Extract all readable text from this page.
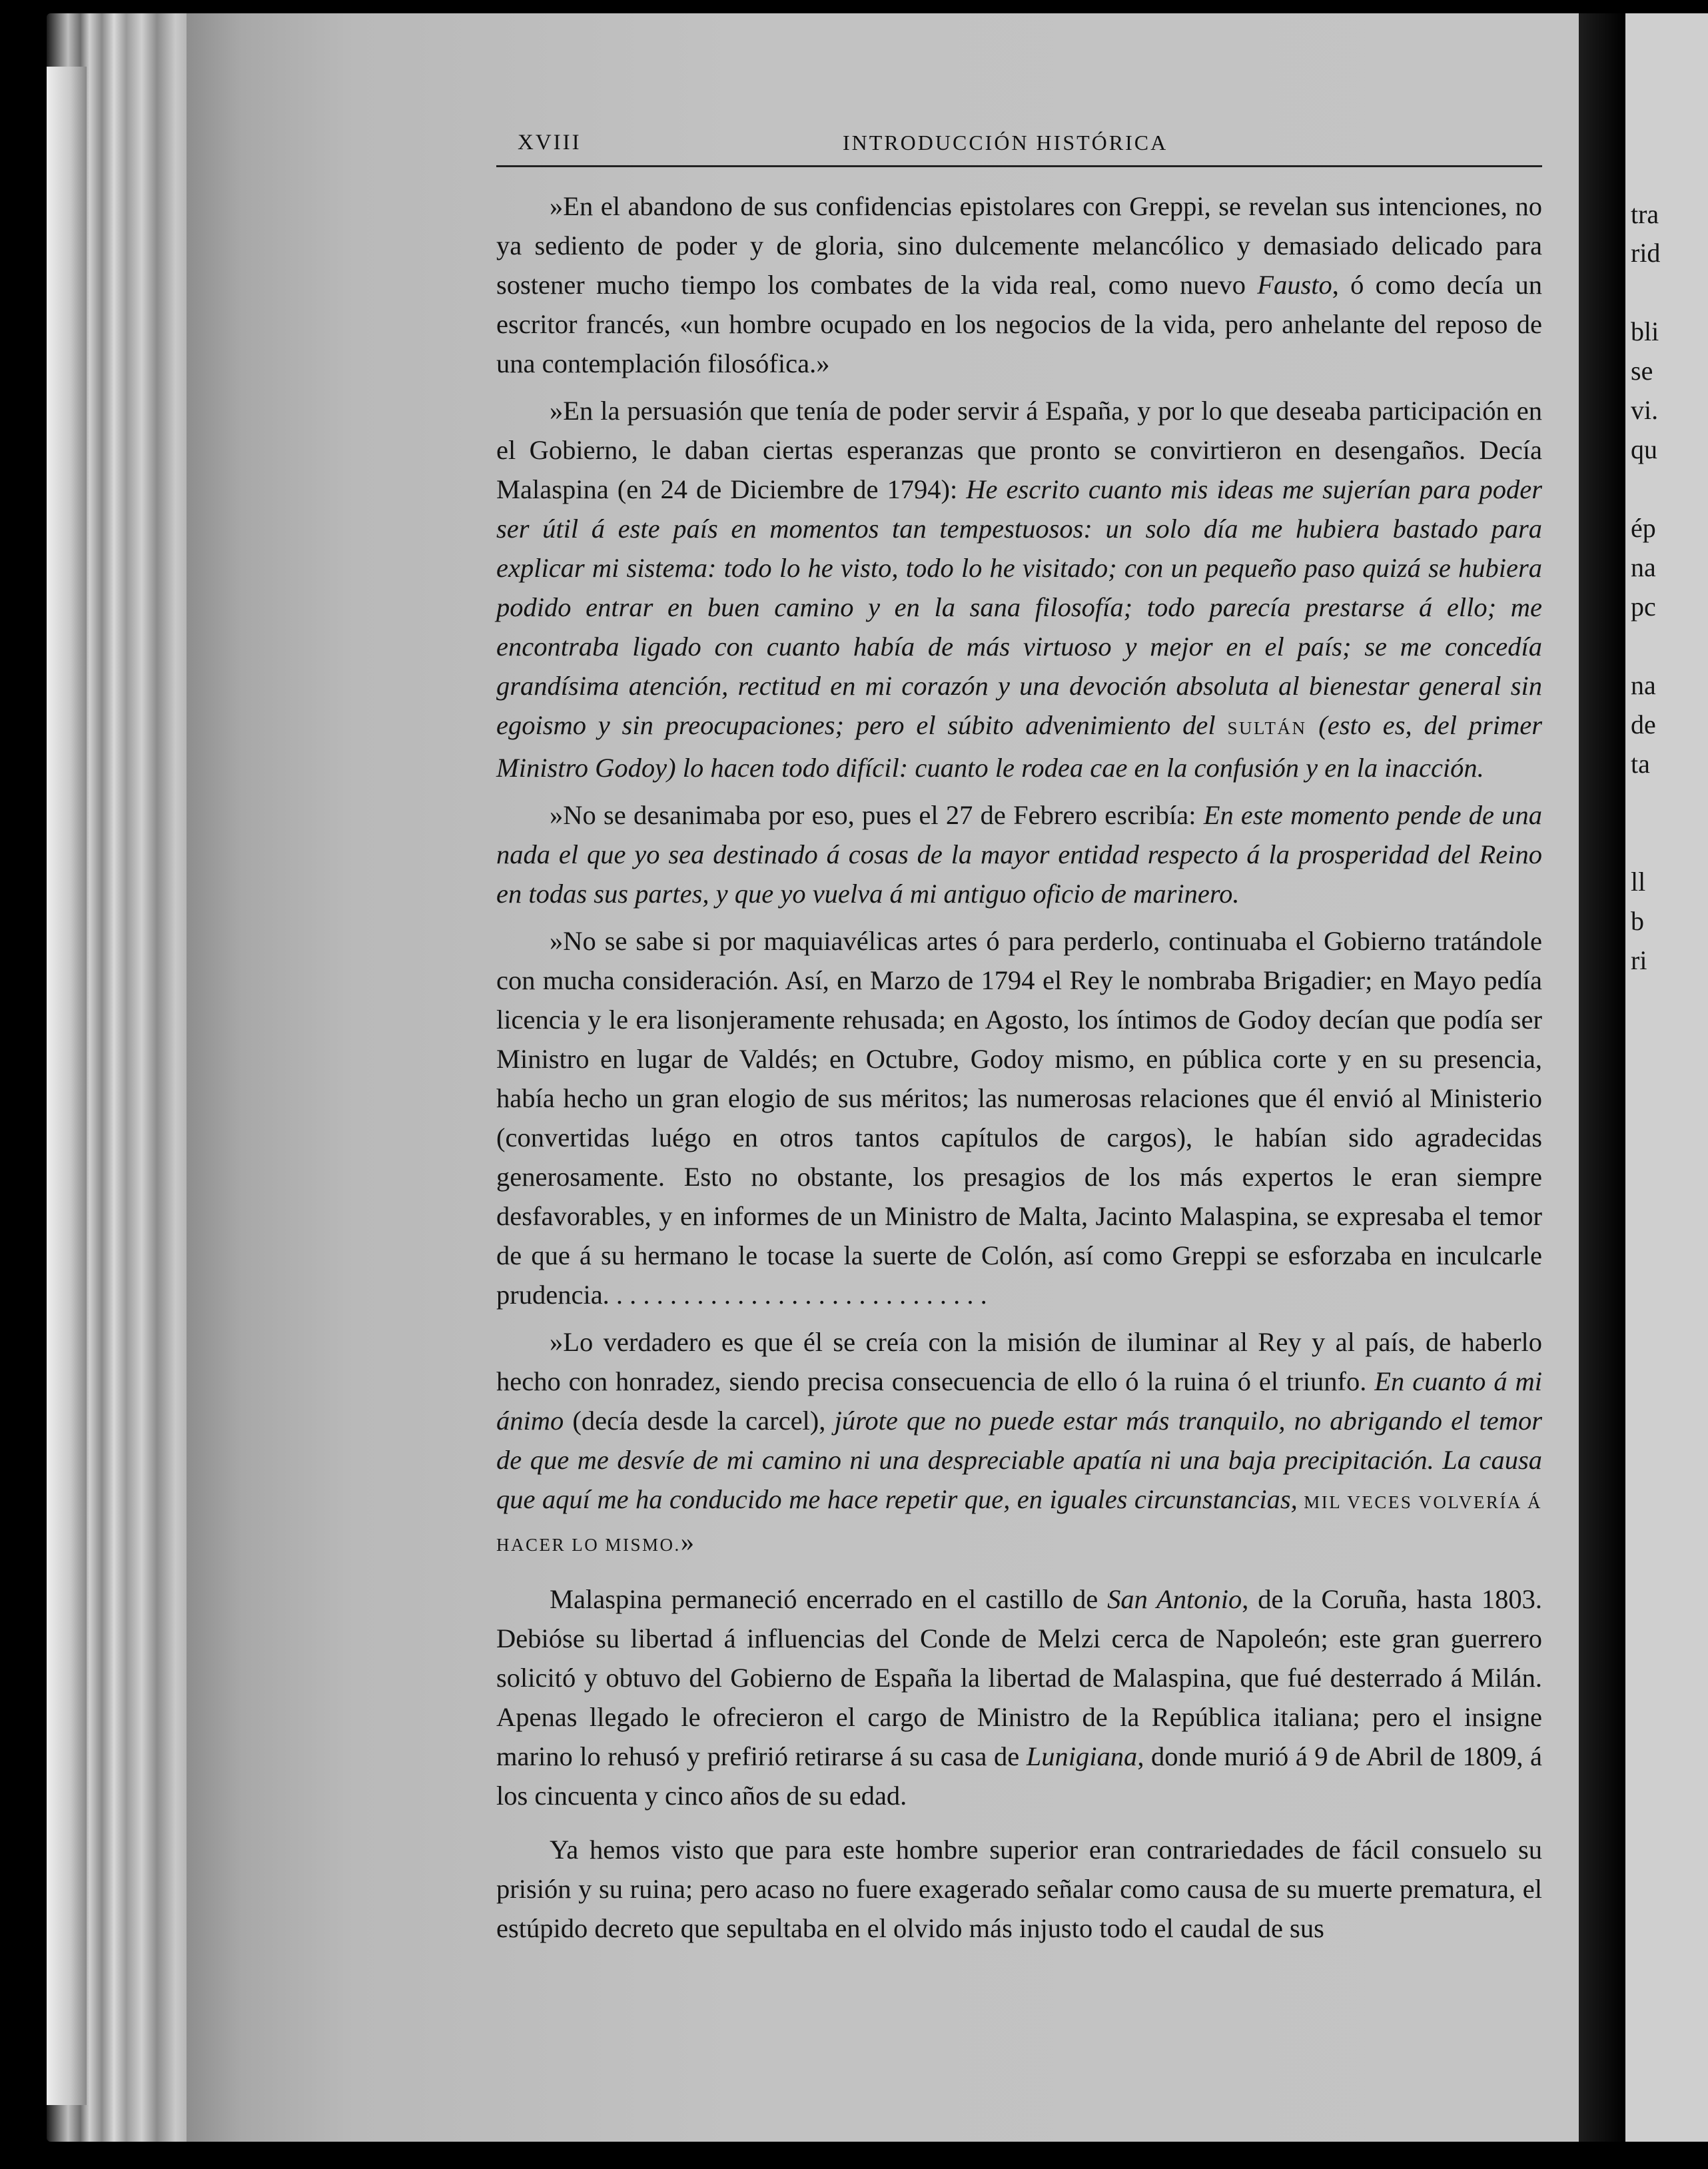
tra
rid
bli
se
vi.
qu
ép
na
pc
na
de
ta
ll
b
ri
XVIII	INTRODUCCIÓN HISTÓRICA

»En el abandono de sus confidencias epistolares con Greppi, se revelan sus intenciones, no ya sediento de poder y de gloria, sino dulcemente melancólico y demasiado delicado para sostener mucho tiempo los combates de la vida real, como nuevo Fausto, ó como decía un escritor francés, «un hombre ocupado en los negocios de la vida, pero anhelante del reposo de una contemplación filosófica.»

»En la persuasión que tenía de poder servir á España, y por lo que deseaba participación en el Gobierno, le daban ciertas esperanzas que pronto se convirtieron en desengaños. Decía Malaspina (en 24 de Diciembre de 1794): He escrito cuanto mis ideas me sujerían para poder ser útil á este país en momentos tan tempestuosos: un solo día me hubiera bastado para explicar mi sistema: todo lo he visto, todo lo he visitado; con un pequeño paso quizá se hubiera podido entrar en buen camino y en la sana filosofía; todo parecía prestarse á ello; me encontraba ligado con cuanto había de más virtuoso y mejor en el país; se me concedía grandísima atención, rectitud en mi corazón y una devoción absoluta al bienestar general sin egoismo y sin preocupaciones; pero el súbito advenimiento del SULTÁN (esto es, del primer Ministro Godoy) lo hacen todo difícil: cuanto le rodea cae en la confusión y en la inacción.

»No se desanimaba por eso, pues el 27 de Febrero escribía: En este momento pende de una nada el que yo sea destinado á cosas de la mayor entidad respecto á la prosperidad del Reino en todas sus partes, y que yo vuelva á mi antiguo oficio de marinero.

»No se sabe si por maquiavélicas artes ó para perderlo, continuaba el Gobierno tratándole con mucha consideración. Así, en Marzo de 1794 el Rey le nombraba Brigadier; en Mayo pedía licencia y le era lisonjeramente rehusada; en Agosto, los íntimos de Godoy decían que podía ser Ministro en lugar de Valdés; en Octubre, Godoy mismo, en pública corte y en su presencia, había hecho un gran elogio de sus méritos; las numerosas relaciones que él envió al Ministerio (convertidas luégo en otros tantos capítulos de cargos), le habían sido agradecidas generosamente. Esto no obstante, los presagios de los más expertos le eran siempre desfavorables, y en informes de un Ministro de Malta, Jacinto Malaspina, se expresaba el temor de que á su hermano le tocase la suerte de Colón, así como Greppi se esforzaba en inculcarle prudencia. . . . . . . . . . . . . . . . . . . . . . . . . . . . .

»Lo verdadero es que él se creía con la misión de iluminar al Rey y al país, de haberlo hecho con honradez, siendo precisa consecuencia de ello ó la ruina ó el triunfo. En cuanto á mi ánimo (decía desde la carcel), júrote que no puede estar más tranquilo, no abrigando el temor de que me desvíe de mi camino ni una despreciable apatía ni una baja precipitación. La causa que aquí me ha conducido me hace repetir que, en iguales circunstancias, MIL VECES VOLVERÍA Á HACER LO MISMO.»

Malaspina permaneció encerrado en el castillo de San Antonio, de la Coruña, hasta 1803. Debióse su libertad á influencias del Conde de Melzi cerca de Napoleón; este gran guerrero solicitó y obtuvo del Gobierno de España la libertad de Malaspina, que fué desterrado á Milán. Apenas llegado le ofrecieron el cargo de Ministro de la República italiana; pero el insigne marino lo rehusó y prefirió retirarse á su casa de Lunigiana, donde murió á 9 de Abril de 1809, á los cincuenta y cinco años de su edad.

Ya hemos visto que para este hombre superior eran contrariedades de fácil consuelo su prisión y su ruina; pero acaso no fuere exagerado señalar como causa de su muerte prematura, el estúpido decreto que sepultaba en el olvido más injusto todo el caudal de sus
